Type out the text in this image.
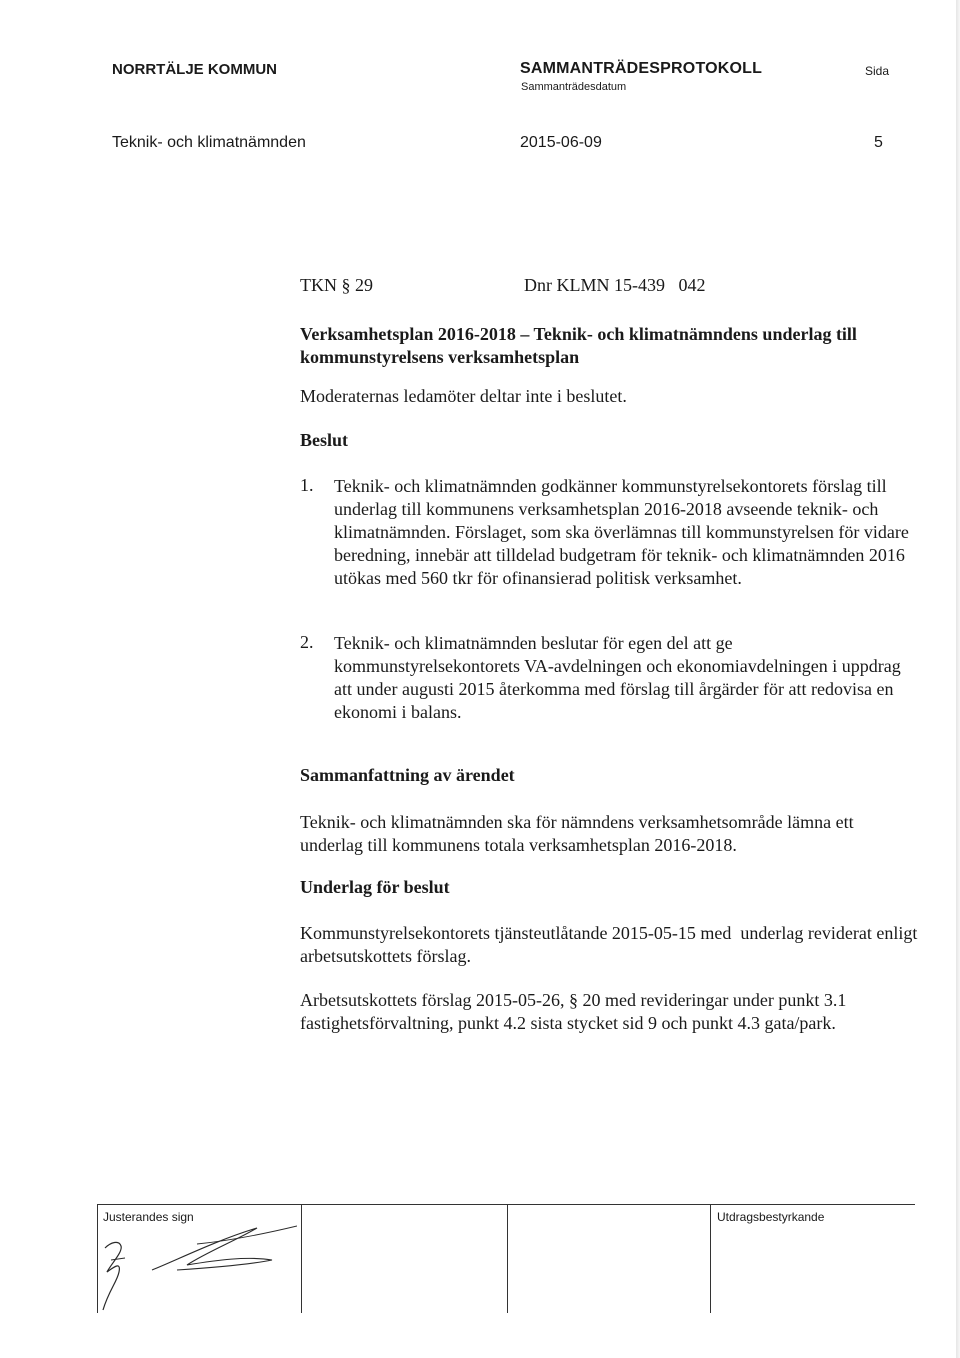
NORRTÄLJE KOMMUN	SAMMANTRÄDESPROTOKOLL
Sammanträdesdatum
Sida
Teknik- och klimatnämnden	2015-06-09	5
TKN § 29	Dnr KLMN 15-439   042
Verksamhetsplan 2016-2018 – Teknik- och klimatnämndens underlag till kommunstyrelsens verksamhetsplan
Moderaternas ledamöter deltar inte i beslutet.
Beslut
1. Teknik- och klimatnämnden godkänner kommunstyrelsekontorets förslag till underlag till kommunens verksamhetsplan 2016-2018 avseende teknik- och klimatnämnden. Förslaget, som ska överlämnas till kommunstyrelsen för vidare beredning, innebär att tilldelad budgetram för teknik- och klimatnämnden 2016 utökas med 560 tkr för ofinansierad politisk verksamhet.
2. Teknik- och klimatnämnden beslutar för egen del att ge kommunstyrelsekontorets VA-avdelningen och ekonomiavdelningen i uppdrag att under augusti 2015 återkomma med förslag till årgärder för att redovisa en ekonomi i balans.
Sammanfattning av ärendet
Teknik- och klimatnämnden ska för nämndens verksamhetsområde lämna ett underlag till kommunens totala verksamhetsplan 2016-2018.
Underlag för beslut
Kommunstyrelsekontorets tjänsteutlåtande 2015-05-15 med  underlag reviderat enligt arbetsutskottets förslag.
Arbetsutskottets förslag 2015-05-26, § 20 med revideringar under punkt 3.1 fastighetsförvaltning, punkt 4.2 sista stycket sid 9 och punkt 4.3 gata/park.
Justerandes sign	Utdragsbestyrkande
